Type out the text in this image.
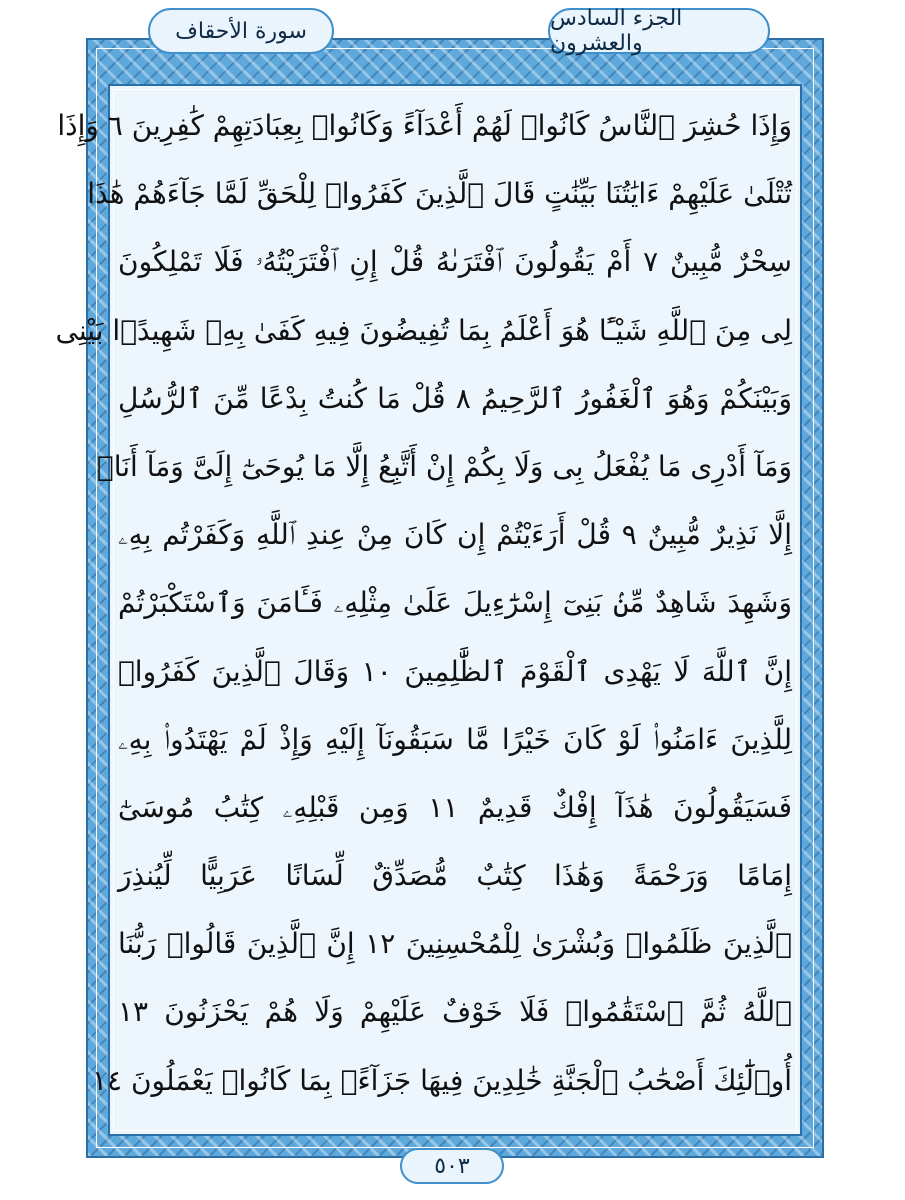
الجزء السادس والعشرون
سورة الأحقاف
وَإِذَا حُشِرَ ٱلنَّاسُ كَانُوا۟ لَهُمْ أَعْدَآءً وَكَانُوا۟ بِعِبَادَتِهِمْ كَٰفِرِينَ ٦ وَإِذَا
تُتْلَىٰ عَلَيْهِمْ ءَايَٰتُنَا بَيِّنَٰتٍ قَالَ ٱلَّذِينَ كَفَرُوا۟ لِلْحَقِّ لَمَّا جَآءَهُمْ هَٰذَا
سِحْرٌ مُّبِينٌ ٧ أَمْ يَقُولُونَ ٱفْتَرَىٰهُ قُلْ إِنِ ٱفْتَرَيْتُهُۥ فَلَا تَمْلِكُونَ
لِى مِنَ ٱللَّهِ شَيْـًٔا هُوَ أَعْلَمُ بِمَا تُفِيضُونَ فِيهِ كَفَىٰ بِهِۦ شَهِيدًۢا بَيْنِى
وَبَيْنَكُمْ وَهُوَ ٱلْغَفُورُ ٱلرَّحِيمُ ٨ قُلْ مَا كُنتُ بِدْعًا مِّنَ ٱلرُّسُلِ
وَمَآ أَدْرِى مَا يُفْعَلُ بِى وَلَا بِكُمْ إِنْ أَتَّبِعُ إِلَّا مَا يُوحَىٰٓ إِلَىَّ وَمَآ أَنَا۠
إِلَّا نَذِيرٌ مُّبِينٌ ٩ قُلْ أَرَءَيْتُمْ إِن كَانَ مِنْ عِندِ ٱللَّهِ وَكَفَرْتُم بِهِۦ
وَشَهِدَ شَاهِدٌ مِّنۢ بَنِىٓ إِسْرَٰٓءِيلَ عَلَىٰ مِثْلِهِۦ فَـَٔامَنَ وَٱسْتَكْبَرْتُمْ
إِنَّ ٱللَّهَ لَا يَهْدِى ٱلْقَوْمَ ٱلظَّٰلِمِينَ ١٠ وَقَالَ ٱلَّذِينَ كَفَرُوا۟
لِلَّذِينَ ءَامَنُوا۟ لَوْ كَانَ خَيْرًا مَّا سَبَقُونَآ إِلَيْهِ وَإِذْ لَمْ يَهْتَدُوا۟ بِهِۦ
فَسَيَقُولُونَ هَٰذَآ إِفْكٌ قَدِيمٌ ١١ وَمِن قَبْلِهِۦ كِتَٰبُ مُوسَىٰٓ
إِمَامًا وَرَحْمَةً وَهَٰذَا كِتَٰبٌ مُّصَدِّقٌ لِّسَانًا عَرَبِيًّا لِّيُنذِرَ
ٱلَّذِينَ ظَلَمُوا۟ وَبُشْرَىٰ لِلْمُحْسِنِينَ ١٢ إِنَّ ٱلَّذِينَ قَالُوا۟ رَبُّنَا
ٱللَّهُ ثُمَّ ٱسْتَقَٰمُوا۟ فَلَا خَوْفٌ عَلَيْهِمْ وَلَا هُمْ يَحْزَنُونَ ١٣
أُو۟لَٰٓئِكَ أَصْحَٰبُ ٱلْجَنَّةِ خَٰلِدِينَ فِيهَا جَزَآءًۢ بِمَا كَانُوا۟ يَعْمَلُونَ ١٤
٥٠٣
